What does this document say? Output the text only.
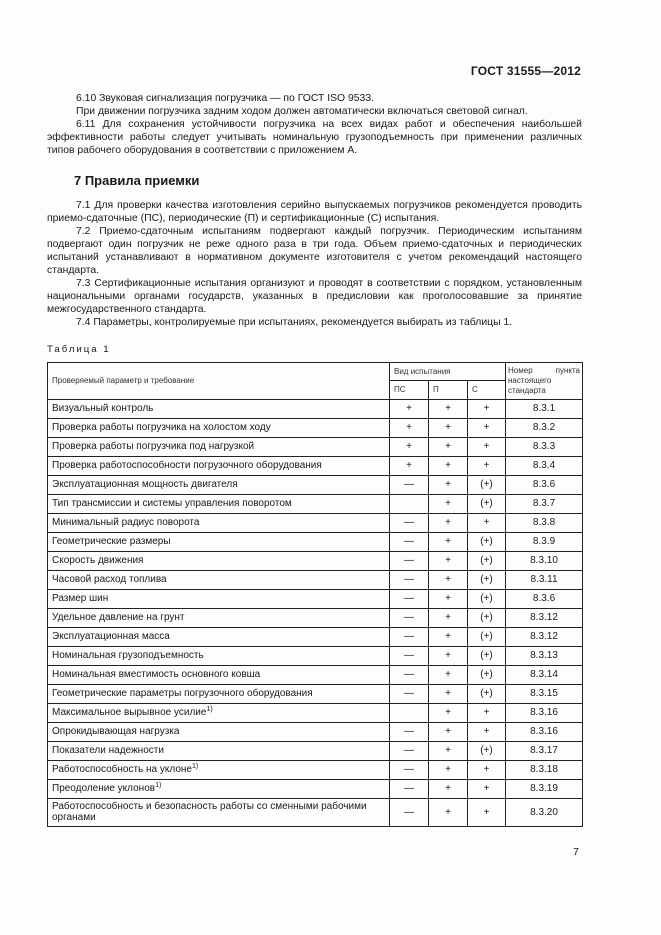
ГОСТ 31555—2012

6.10 Звуковая сигнализация погрузчика — по ГОСТ ISO 9533.

При движении погрузчика задним ходом должен автоматически включаться световой сигнал.

6.11 Для сохранения устойчивости погрузчика на всех видах работ и обеспечения наибольшей эффективности работы следует учитывать номинальную грузоподъемность при применении различных типов рабочего оборудования в соответствии с приложением А.

7 Правила приемки

7.1 Для проверки качества изготовления серийно выпускаемых погрузчиков рекомендуется проводить приемо-сдаточные (ПС), периодические (П) и сертификационные (С) испытания.

7.2 Приемо-сдаточным испытаниям подвергают каждый погрузчик. Периодическим испытаниям подвергают один погрузчик не реже одного раза в три года. Объем приемо-сдаточных и периодических испытаний устанавливают в нормативном документе изготовителя с учетом рекомендаций настоящего стандарта.

7.3 Сертификационные испытания организуют и проводят в соответствии с порядком, установленным национальными органами государств, указанных в предисловии как проголосовавшие за принятие межгосударственного стандарта.

7.4 Параметры, контролируемые при испытаниях, рекомендуется выбирать из таблицы 1.

Таблица 1
Проверяемый параметр и требование	Вид испытания			Номер пункта настоящего стандарта
	ПС	П	С	
Визуальный контроль	+	+	+	8.3.1
Проверка работы погрузчика на холостом ходу	+	+	+	8.3.2
Проверка работы погрузчика под нагрузкой	+	+	+	8.3.3
Проверка работоспособности погрузочного оборудования	+	+	+	8.3.4
Эксплуатационная мощность двигателя	—	+	(+)	8.3.6
Тип трансмиссии и системы управления поворотом		+	(+)	8.3.7
Минимальный радиус поворота	—	+	+	8.3.8
Геометрические размеры	—	+	(+)	8.3.9
Скорость движения	—	+	(+)	8.3.10
Часовой расход топлива	—	+	(+)	8.3.11
Размер шин	—	+	(+)	8.3.6
Удельное давление на грунт	—	+	(+)	8.3.12
Эксплуатационная масса	—	+	(+)	8.3.12
Номинальная грузоподъемность	—	+	(+)	8.3.13
Номинальная вместимость основного ковша	—	+	(+)	8.3.14
Геометрические параметры погрузочного оборудования	—	+	(+)	8.3.15
Максимальное вырывное усилие$^{1)}$		+	+	8.3.16
Опрокидывающая нагрузка	—	+	+	8.3.16
Показатели надежности	—	+	(+)	8.3.17
Работоспособность на уклоне$^{1)}$	—	+	+	8.3.18
Преодоление уклонов$^{1)}$	—	+	+	8.3.19
Работоспособность и безопасность работы со сменными рабочими органами	—	+	+	8.3.20
7
